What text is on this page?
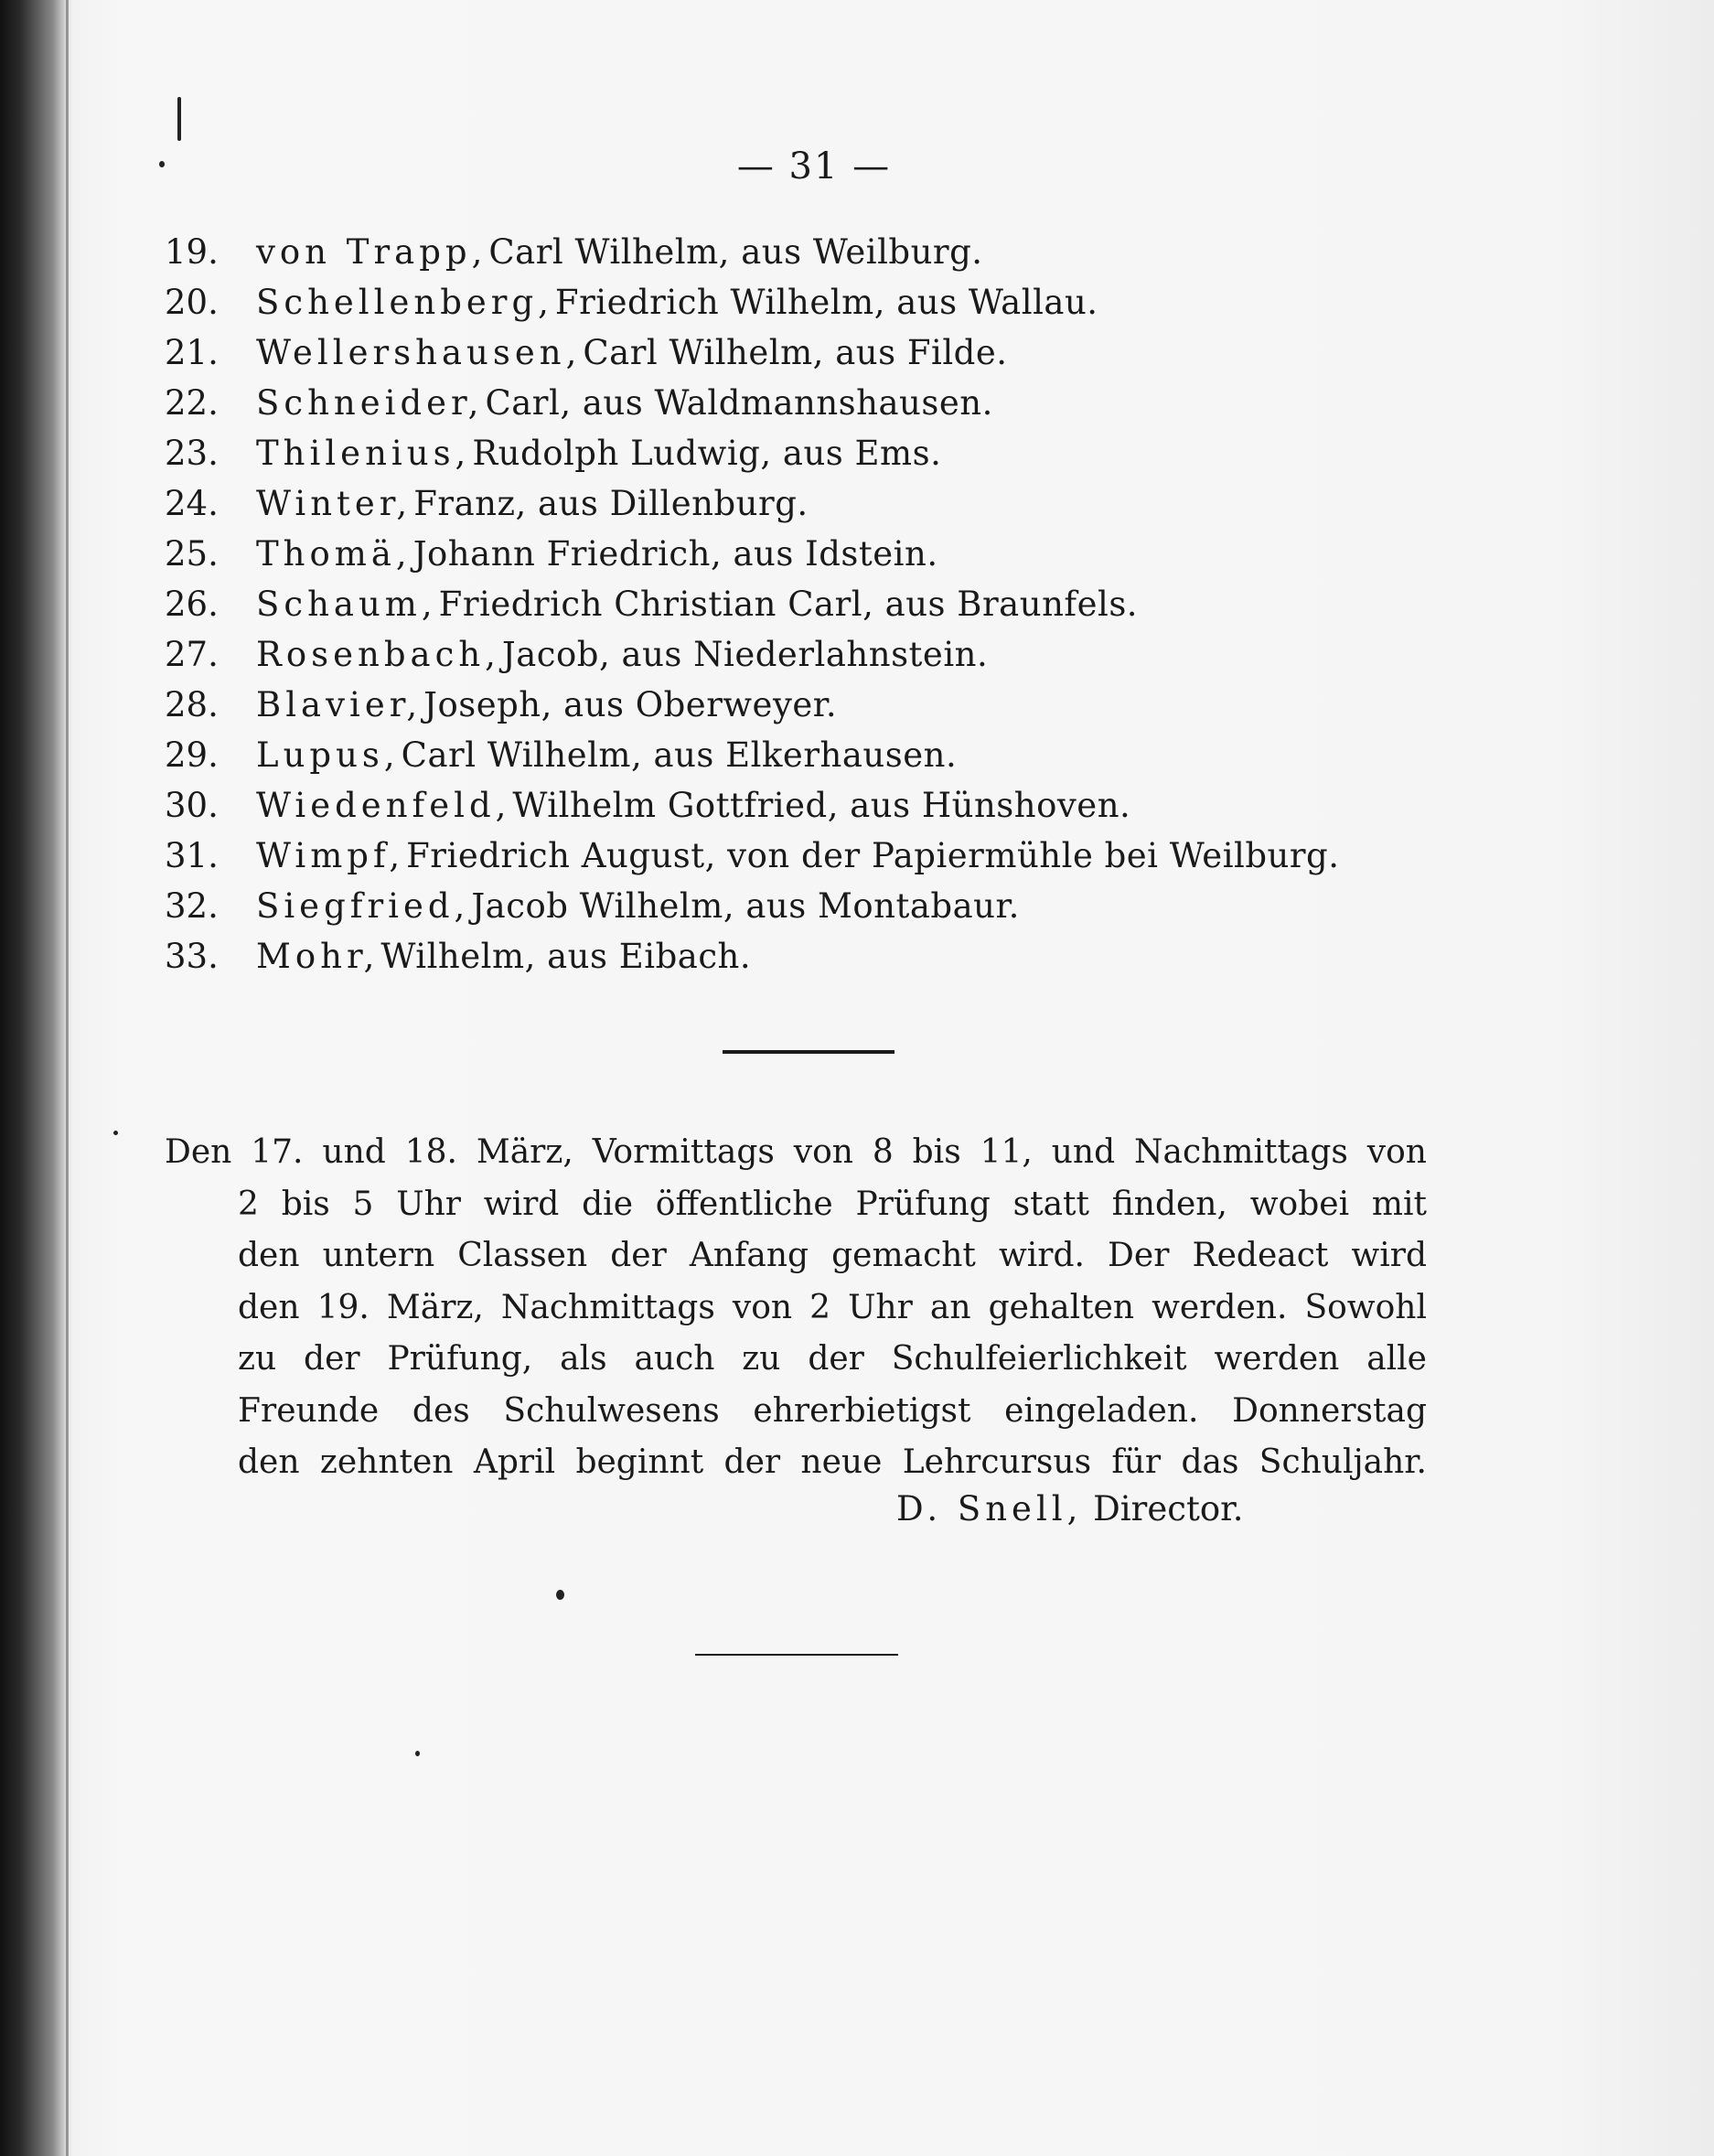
— 31 —
19.	von Trapp, Carl Wilhelm, aus Weilburg.
20.	Schellenberg, Friedrich Wilhelm, aus Wallau.
21.	Wellershausen, Carl Wilhelm, aus Filde.
22.	Schneider, Carl, aus Waldmannshausen.
23.	Thilenius, Rudolph Ludwig, aus Ems.
24.	Winter, Franz, aus Dillenburg.
25.	Thomä, Johann Friedrich, aus Idstein.
26.	Schaum, Friedrich Christian Carl, aus Braunfels.
27.	Rosenbach, Jacob, aus Niederlahnstein.
28.	Blavier, Joseph, aus Oberweyer.
29.	Lupus, Carl Wilhelm, aus Elkerhausen.
30.	Wiedenfeld, Wilhelm Gottfried, aus Hünshoven.
31.	Wimpf, Friedrich August, von der Papiermühle bei Weilburg.
32.	Siegfried, Jacob Wilhelm, aus Montabaur.
33.	Mohr, Wilhelm, aus Eibach.
Den 17. und 18. März, Vormittags von 8 bis 11, und Nachmittags von
2 bis 5 Uhr wird die öffentliche Prüfung statt finden, wobei mit
den untern Classen der Anfang gemacht wird. Der Redeact wird
den 19. März, Nachmittags von 2 Uhr an gehalten werden. Sowohl
zu der Prüfung, als auch zu der Schulfeierlichkeit werden alle
Freunde des Schulwesens ehrerbietigst eingeladen. Donnerstag
den zehnten April beginnt der neue Lehrcursus für das Schuljahr.
D. Snell, Director.
